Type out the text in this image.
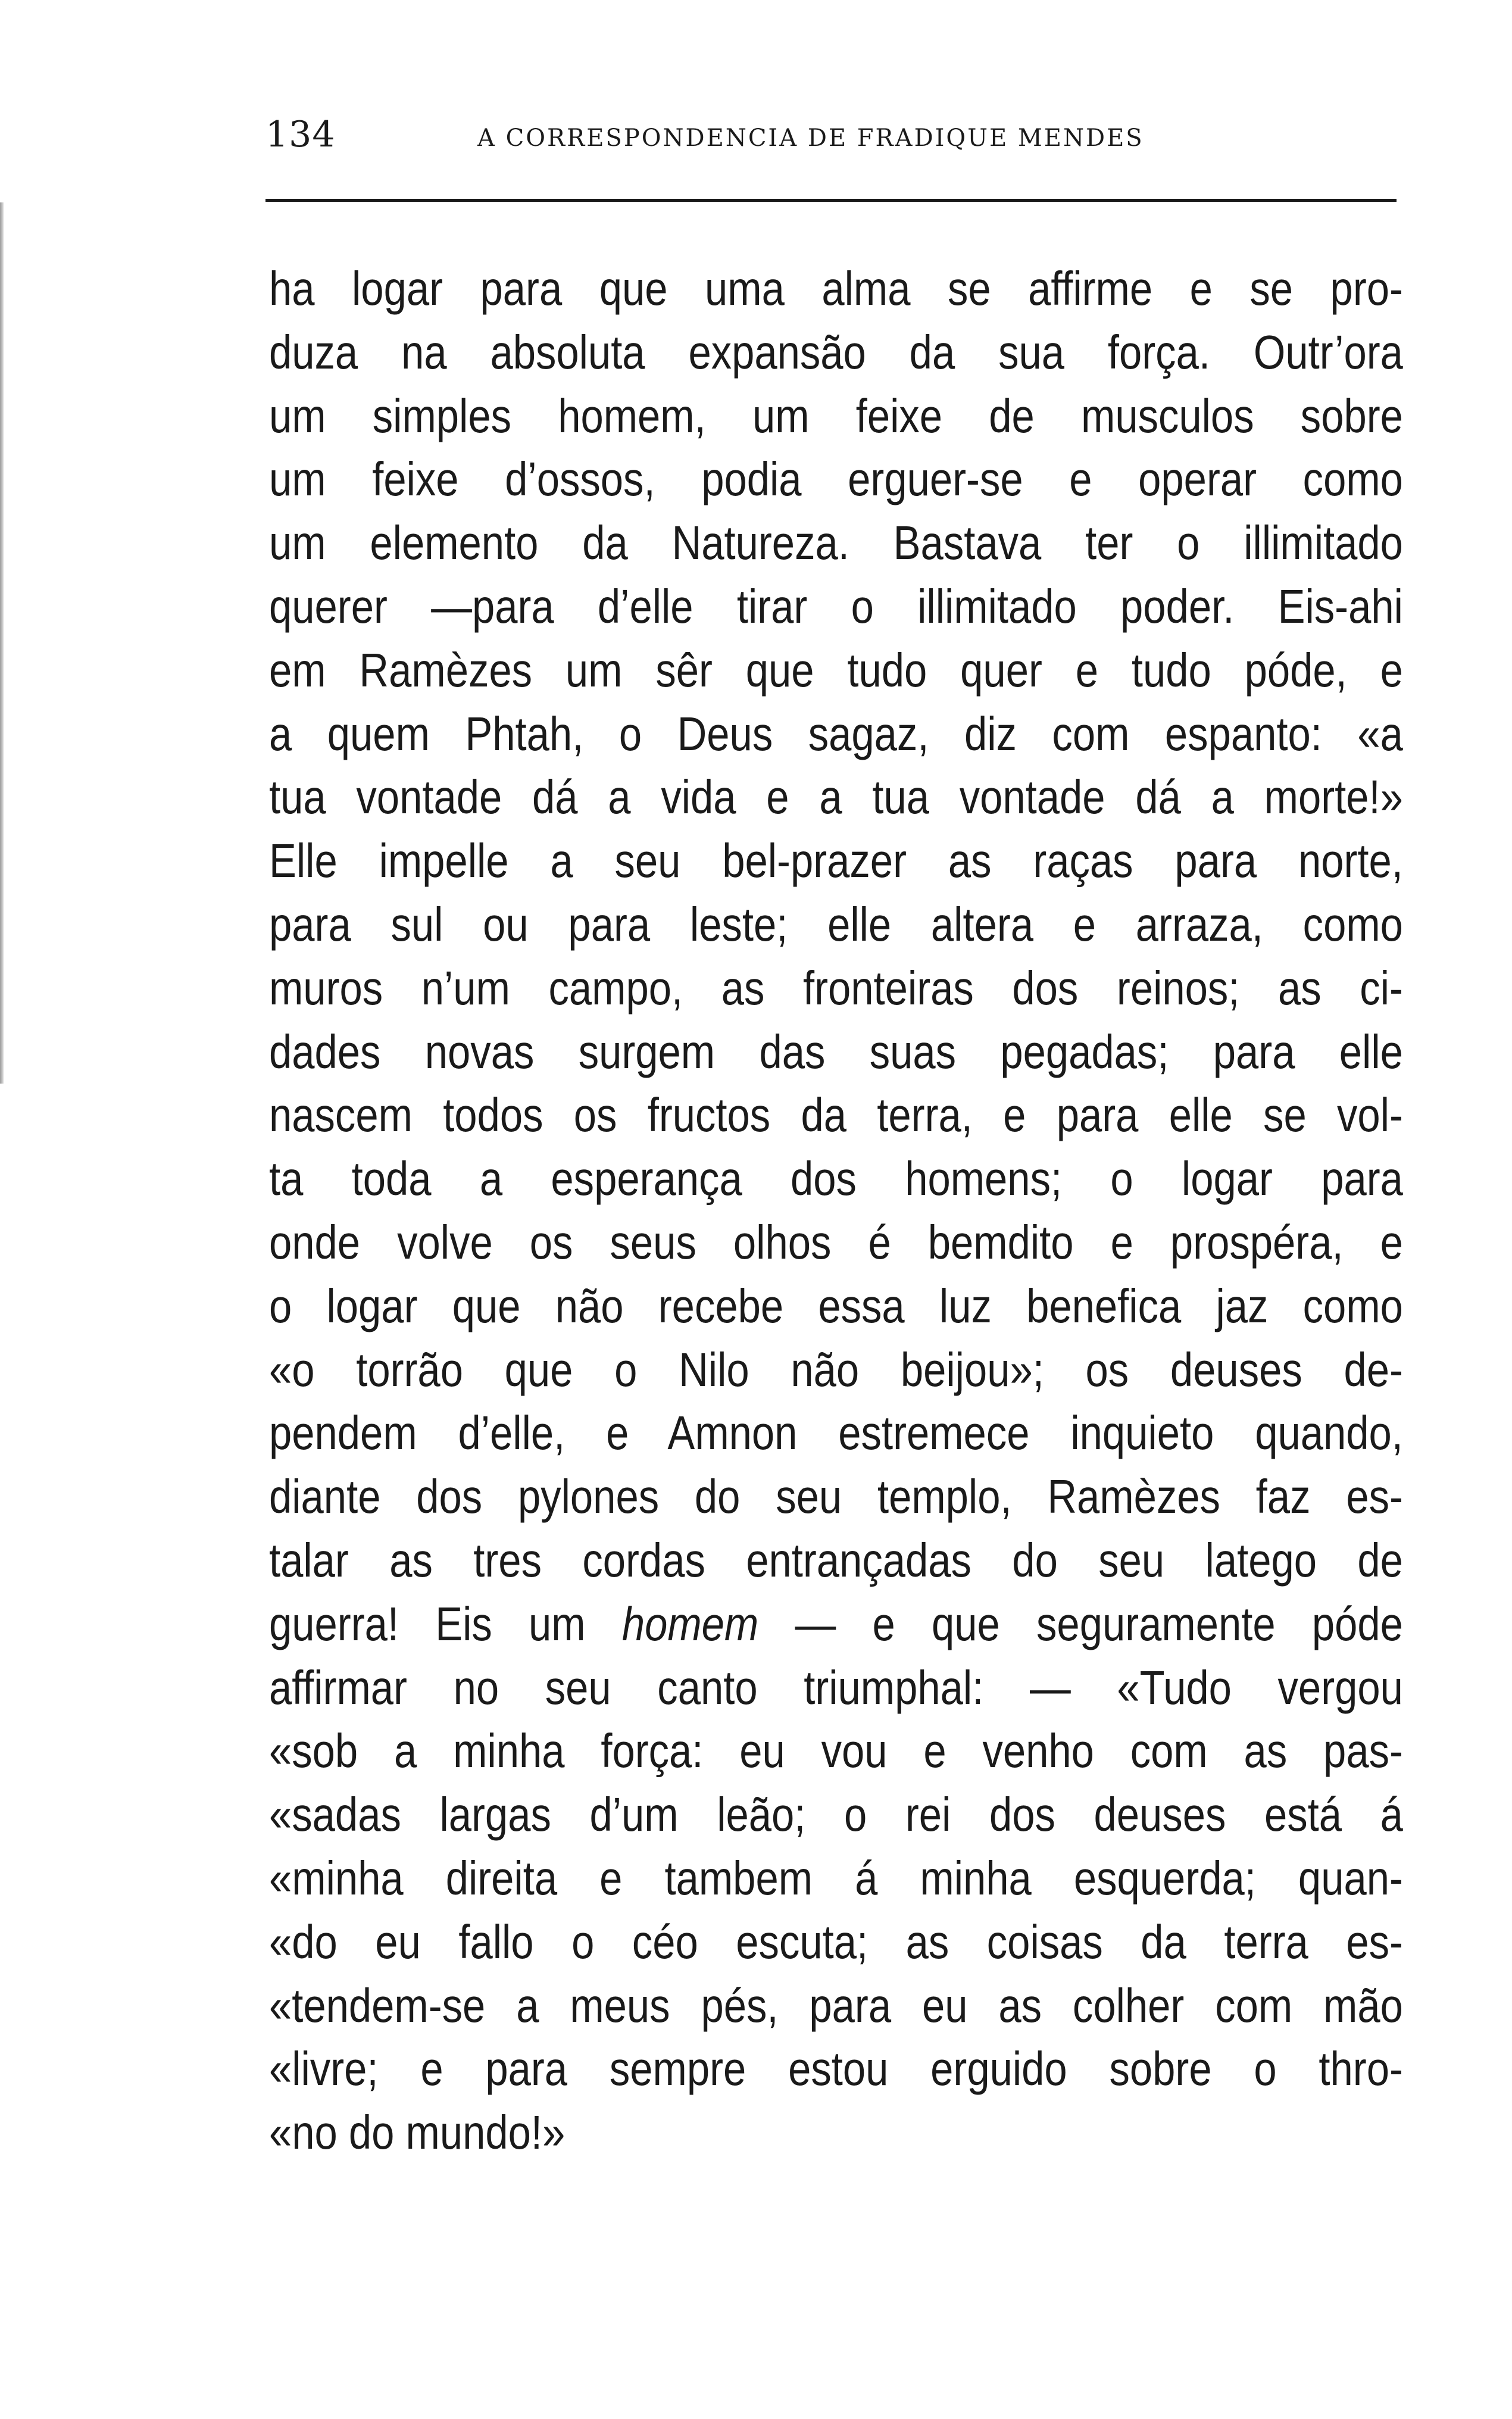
134	A CORRESPONDENCIA DE FRADIQUE MENDES
ha logar para que uma alma se affirme e se pro-
duza na absoluta expansão da sua força. Outr’ora
um simples homem, um feixe de musculos sobre
um feixe d’ossos, podia erguer-se e operar como
um elemento da Natureza. Bastava ter o illimitado
querer —para d’elle tirar o illimitado poder. Eis-ahi
em Ramèzes um sêr que tudo quer e tudo póde, e
a quem Phtah, o Deus sagaz, diz com espanto: «a
tua vontade dá a vida e a tua vontade dá a morte!»
Elle impelle a seu bel-prazer as raças para norte,
para sul ou para leste; elle altera e arraza, como
muros n’um campo, as fronteiras dos reinos; as ci-
dades novas surgem das suas pegadas; para elle
nascem todos os fructos da terra, e para elle se vol-
ta toda a esperança dos homens; o logar para
onde volve os seus olhos é bemdito e prospéra, e
o logar que não recebe essa luz benefica jaz como
«o torrão que o Nilo não beijou»; os deuses de-
pendem d’elle, e Amnon estremece inquieto quando,
diante dos pylones do seu templo, Ramèzes faz es-
talar as tres cordas entrançadas do seu latego de
guerra! Eis um homem — e que seguramente póde
affirmar no seu canto triumphal: — «Tudo vergou
«sob a minha força: eu vou e venho com as pas-
«sadas largas d’um leão; o rei dos deuses está á
«minha direita e tambem á minha esquerda; quan-
«do eu fallo o céo escuta; as coisas da terra es-
«tendem-se a meus pés, para eu as colher com mão
«livre; e para sempre estou erguido sobre o thro-
«no do mundo!»
